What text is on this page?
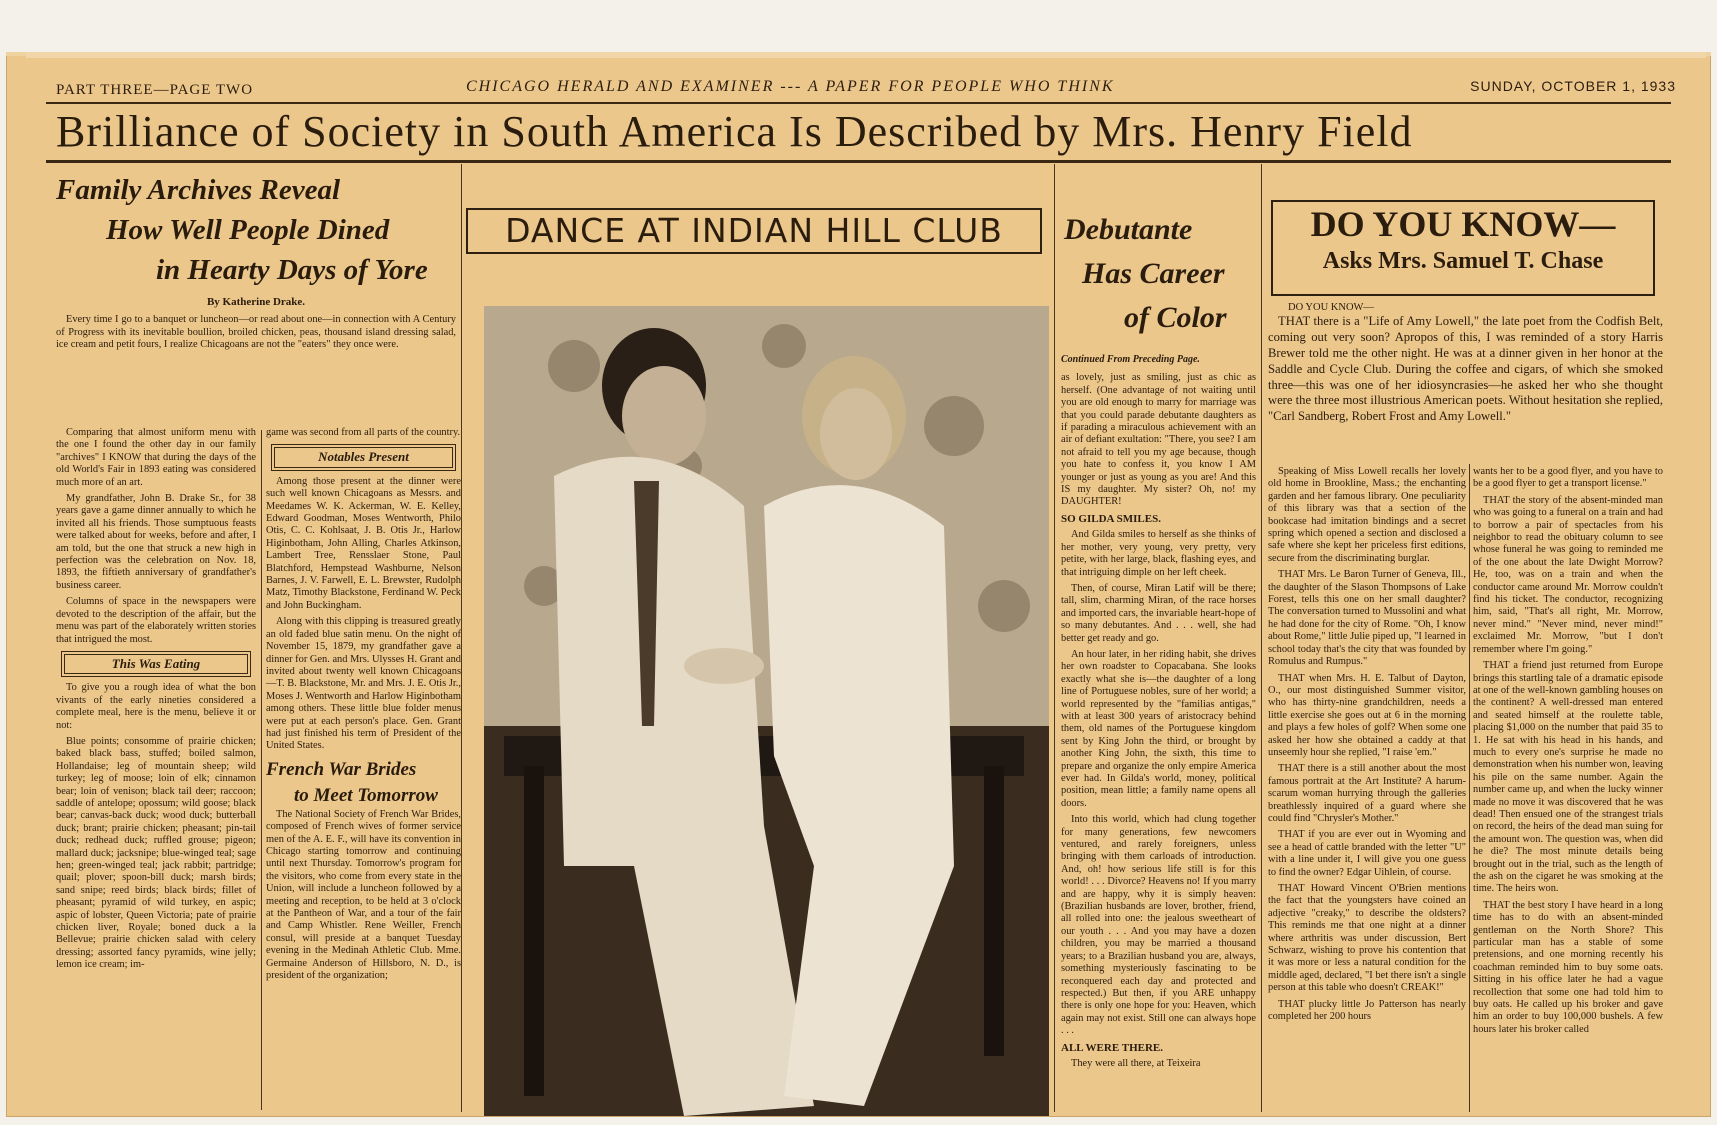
PART THREE—PAGE TWO	CHICAGO HERALD AND EXAMINER --- A PAPER FOR PEOPLE WHO THINK	SUNDAY, OCTOBER 1, 1933
Brilliance of Society in South America Is Described by Mrs. Henry Field
Family Archives Reveal
How Well People Dined
in Hearty Days of Yore
By Katherine Drake.

Every time I go to a banquet or luncheon—or read about one—in connection with A Century of Progress with its inevitable boullion, broiled chicken, peas, thousand island dressing salad, ice cream and petit fours, I realize Chicagoans are not the "eaters" they once were.

Comparing that almost uniform menu with the one I found the other day in our family "archives" I KNOW that during the days of the old World's Fair in 1893 eating was considered much more of an art.

My grandfather, John B. Drake Sr., for 38 years gave a game dinner annually to which he invited all his friends. Those sumptuous feasts were talked about for weeks, before and after, I am told, but the one that struck a new high in perfection was the celebration on Nov. 18, 1893, the fiftieth anniversary of grandfather's business career.

Columns of space in the newspapers were devoted to the description of the affair, but the menu was part of the elaborately written stories that intrigued the most.

This Was Eating

To give you a rough idea of what the bon vivants of the early nineties considered a complete meal, here is the menu, believe it or not:

Blue points; consomme of prairie chicken; baked black bass, stuffed; boiled salmon, Hollandaise; leg of mountain sheep; wild turkey; leg of moose; loin of elk; cinnamon bear; loin of venison; black tail deer; raccoon; saddle of antelope; opossum; wild goose; black bear; canvas-back duck; wood duck; butterball duck; brant; prairie chicken; pheasant; pin-tail duck; redhead duck; ruffled grouse; pigeon; mallard duck; jacksnipe; blue-winged teal; sage hen; green-winged teal; jack rabbit; partridge; quail; plover; spoon-bill duck; marsh birds; sand snipe; reed birds; black birds; fillet of pheasant; pyramid of wild turkey, en aspic; aspic of lobster, Queen Victoria; pate of prairie chicken liver, Royale; boned duck a la Bellevue; prairie chicken salad with celery dressing; assorted fancy pyramids, wine jelly; lemon ice cream; im-

game was second from all parts of the country.

Notables Present

Among those present at the dinner were such well known Chicagoans as Messrs. and Meedames W. K. Ackerman, W. E. Kelley, Edward Goodman, Moses Wentworth, Philo Otis, C. C. Kohlsaat, J. B. Otis Jr., Harlow Higinbotham, John Alling, Charles Atkinson, Lambert Tree, Rensslaer Stone, Paul Blatchford, Hempstead Washburne, Nelson Barnes, J. V. Farwell, E. L. Brewster, Rudolph Matz, Timothy Blackstone, Ferdinand W. Peck and John Buckingham.

Along with this clipping is treasured greatly an old faded blue satin menu. On the night of November 15, 1879, my grandfather gave a dinner for Gen. and Mrs. Ulysses H. Grant and invited about twenty well known Chicagoans—T. B. Blackstone, Mr. and Mrs. J. E. Otis Jr., Moses J. Wentworth and Harlow Higinbotham among others. These little blue folder menus were put at each person's place. Gen. Grant had just finished his term of President of the United States.

French War Brides
to Meet Tomorrow

The National Society of French War Brides, composed of French wives of former service men of the A. E. F., will have its convention in Chicago starting tomorrow and continuing until next Thursday. Tomorrow's program for the visitors, who come from every state in the Union, will include a luncheon followed by a meeting and reception, to be held at 3 o'clock at the Pantheon of War, and a tour of the fair and Camp Whistler. Rene Weiller, French consul, will preside at a banquet Tuesday evening in the Medinah Athletic Club. Mme. Germaine Anderson of Hillsboro, N. D., is president of the organization;

DANCE AT INDIAN HILL CLUB	Debutante
Has Career
of Color
Continued From Preceding Page.

as lovely, just as smiling, just as chic as herself. (One advantage of not waiting until you are old enough to marry for marriage was that you could parade debutante daughters as if parading a miraculous achievement with an air of defiant exultation: "There, you see? I am not afraid to tell you my age because, though you hate to confess it, you know I AM younger or just as young as you are! And this IS my daughter. My sister? Oh, no! my DAUGHTER!

SO GILDA SMILES.

And Gilda smiles to herself as she thinks of her mother, very young, very pretty, very petite, with her large, black, flashing eyes, and that intriguing dimple on her left cheek.

Then, of course, Miran Latif will be there; tall, slim, charming Miran, of the race horses and imported cars, the invariable heart-hope of so many debutantes. And . . . well, she had better get ready and go.

An hour later, in her riding habit, she drives her own roadster to Copacabana. She looks exactly what she is—the daughter of a long line of Portuguese nobles, sure of her world; a world represented by the "familias antigas," with at least 300 years of aristocracy behind them, old names of the Portuguese kingdom sent by King John the third, or brought by another King John, the sixth, this time to prepare and organize the only empire America ever had. In Gilda's world, money, political position, mean little; a family name opens all doors.

Into this world, which had clung together for many generations, few newcomers ventured, and rarely foreigners, unless bringing with them carloads of introduction. And, oh! how serious life still is for this world! . . . Divorce? Heavens no! If you marry and are happy, why it is simply heaven: (Brazilian husbands are lover, brother, friend, all rolled into one: the jealous sweetheart of our youth . . . And you may have a dozen children, you may be married a thousand years; to a Brazilian husband you are, always, something mysteriously fascinating to be reconquered each day and protected and respected.) But then, if you ARE unhappy there is only one hope for you: Heaven, which again may not exist. Still one can always hope . . .

ALL WERE THERE.

They were all there, at Teixeira

DO YOU KNOW—
Asks Mrs. Samuel T. Chase
DO YOU KNOW—

THAT there is a "Life of Amy Lowell," the late poet from the Codfish Belt, coming out very soon? Apropos of this, I was reminded of a story Harris Brewer told me the other night. He was at a dinner given in her honor at the Saddle and Cycle Club. During the coffee and cigars, of which she smoked three—this was one of her idiosyncrasies—he asked her who she thought were the three most illustrious American poets. Without hesitation she replied, "Carl Sandberg, Robert Frost and Amy Lowell."

Speaking of Miss Lowell recalls her lovely old home in Brookline, Mass.; the enchanting garden and her famous library. One peculiarity of this library was that a section of the bookcase had imitation bindings and a secret spring which opened a section and disclosed a safe where she kept her priceless first editions, secure from the discriminating burglar.

THAT Mrs. Le Baron Turner of Geneva, Ill., the daughter of the Slason Thompsons of Lake Forest, tells this one on her small daughter? The conversation turned to Mussolini and what he had done for the city of Rome. "Oh, I know about Rome," little Julie piped up, "I learned in school today that's the city that was founded by Romulus and Rumpus."

THAT when Mrs. H. E. Talbut of Dayton, O., our most distinguished Summer visitor, who has thirty-nine grandchildren, needs a little exercise she goes out at 6 in the morning and plays a few holes of golf? When some one asked her how she obtained a caddy at that unseemly hour she replied, "I raise 'em."

THAT there is a still another about the most famous portrait at the Art Institute? A harum-scarum woman hurrying through the galleries breathlessly inquired of a guard where she could find "Chrysler's Mother."

THAT if you are ever out in Wyoming and see a head of cattle branded with the letter "U" with a line under it, I will give you one guess to find the owner? Edgar Uihlein, of course.

THAT Howard Vincent O'Brien mentions the fact that the youngsters have coined an adjective "creaky," to describe the oldsters? This reminds me that one night at a dinner where arthritis was under discussion, Bert Schwarz, wishing to prove his contention that it was more or less a natural condition for the middle aged, declared, "I bet there isn't a single person at this table who doesn't CREAK!"

THAT plucky little Jo Patterson has nearly completed her 200 hours

wants her to be a good flyer, and you have to be a good flyer to get a transport license."

THAT the story of the absent-minded man who was going to a funeral on a train and had to borrow a pair of spectacles from his neighbor to read the obituary column to see whose funeral he was going to reminded me of the one about the late Dwight Morrow? He, too, was on a train and when the conductor came around Mr. Morrow couldn't find his ticket. The conductor, recognizing him, said, "That's all right, Mr. Morrow, never mind." "Never mind, never mind!" exclaimed Mr. Morrow, "but I don't remember where I'm going."

THAT a friend just returned from Europe brings this startling tale of a dramatic episode at one of the well-known gambling houses on the continent? A well-dressed man entered and seated himself at the roulette table, placing $1,000 on the number that paid 35 to 1. He sat with his head in his hands, and much to every one's surprise he made no demonstration when his number won, leaving his pile on the same number. Again the number came up, and when the lucky winner made no move it was discovered that he was dead! Then ensued one of the strangest trials on record, the heirs of the dead man suing for the amount won. The question was, when did he die? The most minute details being brought out in the trial, such as the length of the ash on the cigaret he was smoking at the time. The heirs won.

THAT the best story I have heard in a long time has to do with an absent-minded gentleman on the North Shore? This particular man has a stable of some pretensions, and one morning recently his coachman reminded him to buy some oats. Sitting in his office later he had a vague recollection that some one had told him to buy oats. He called up his broker and gave him an order to buy 100,000 bushels. A few hours later his broker called
